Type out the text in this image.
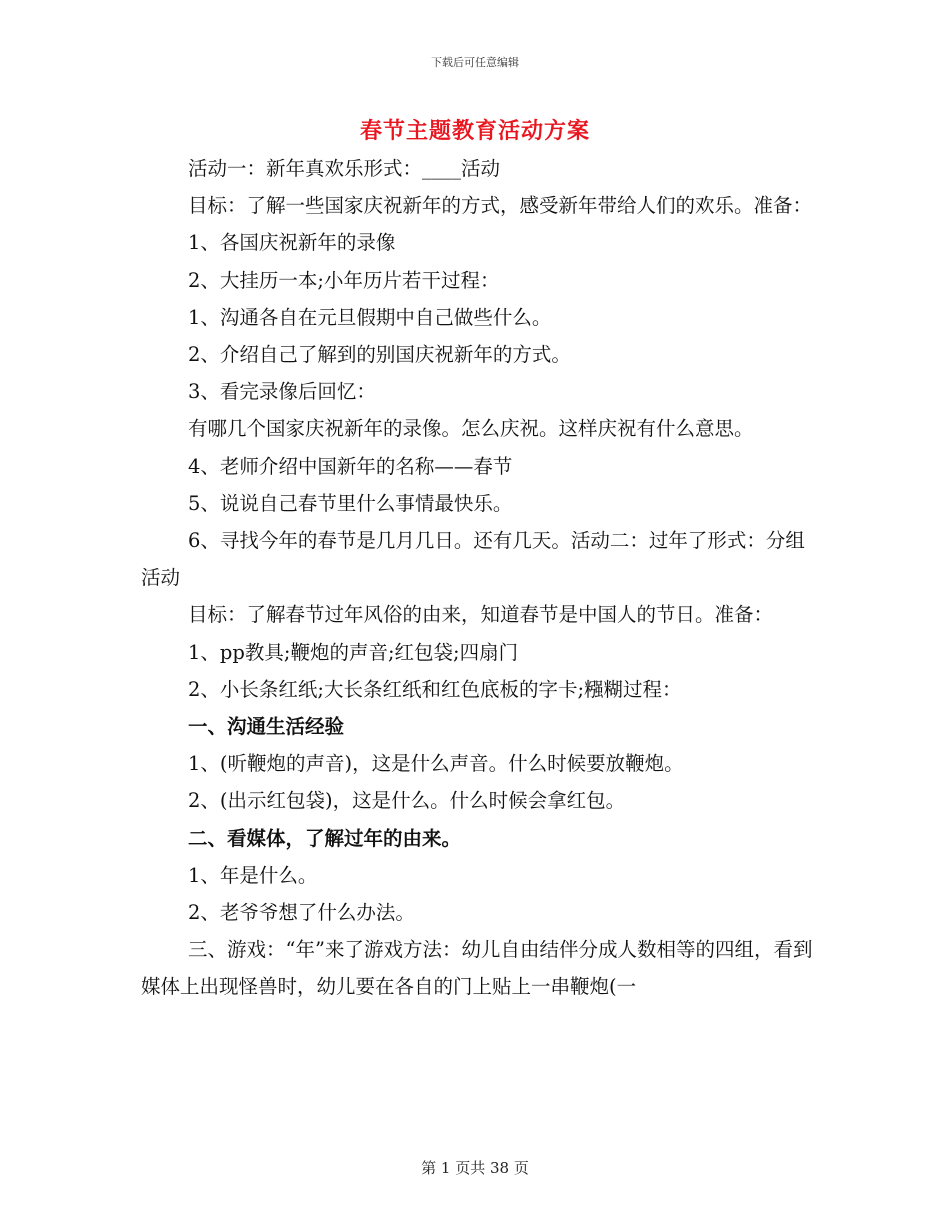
下载后可任意编辑
春节主题教育活动方案

活动一：新年真欢乐形式：____活动

目标：了解一些国家庆祝新年的方式，感受新年带给人们的欢乐。准备：

1、各国庆祝新年的录像

2、大挂历一本;小年历片若干过程：

1、沟通各自在元旦假期中自己做些什么。

2、介绍自己了解到的别国庆祝新年的方式。

3、看完录像后回忆：

有哪几个国家庆祝新年的录像。怎么庆祝。这样庆祝有什么意思。

4、老师介绍中国新年的名称——春节

5、说说自己春节里什么事情最快乐。

6、寻找今年的春节是几月几日。还有几天。活动二：过年了形式：分组活动

目标：了解春节过年风俗的由来，知道春节是中国人的节日。准备：

1、pp教具;鞭炮的声音;红包袋;四扇门

2、小长条红纸;大长条红纸和红色底板的字卡;糨糊过程：

一、沟通生活经验

1、(听鞭炮的声音)，这是什么声音。什么时候要放鞭炮。

2、(出示红包袋)，这是什么。什么时候会拿红包。

二、看媒体，了解过年的由来。

1、年是什么。

2、老爷爷想了什么办法。

三、游戏：“年”来了游戏方法：幼儿自由结伴分成人数相等的四组，看到媒体上出现怪兽时，幼儿要在各自的门上贴上一串鞭炮(一

第 1 页共 38 页
